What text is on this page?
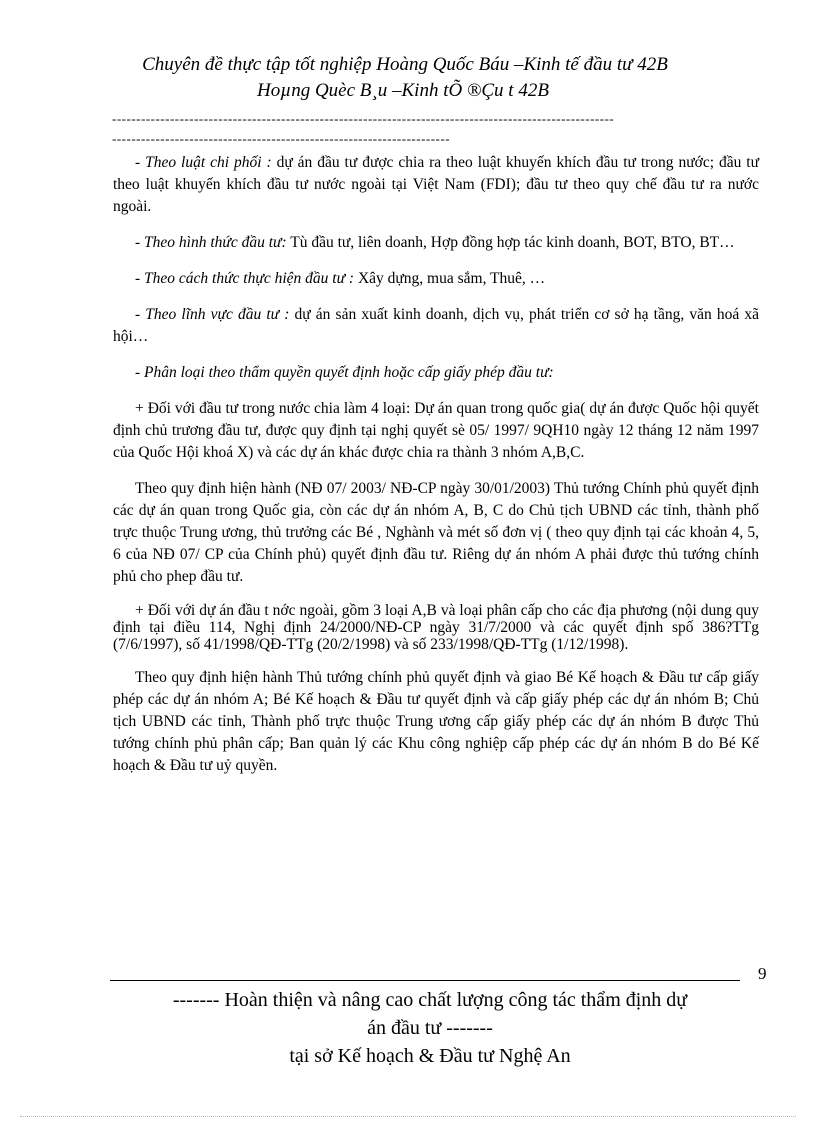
Chuyên đề thực tập tốt nghiệp Hoàng Quốc Báu –Kinh tế đầu tư 42B
Hoµng Quèc B¸u –Kinh tÕ ®Çu t 42B
--------------------------------------------------------------------------------------------------------
----------------------------------------------------------------------

- Theo luật chi phối : dự án đầu tư được chia ra theo luật khuyến khích đầu tư trong nước; đầu tư theo luật khuyến khích đầu tư nước ngoài tại Việt Nam (FDI); đầu tư theo quy chế đầu tư ra nước ngoài.

- Theo hình thức đầu tư: Tù đầu tư, liên doanh, Hợp đồng hợp tác kinh doanh, BOT, BTO, BT…

- Theo cách thức thực hiện đầu tư : Xây dựng, mua sắm, Thuê, …

- Theo lĩnh vực đầu tư : dự án sản xuất kinh doanh, dịch vụ, phát triển cơ sở hạ tầng, văn hoá xã hội…

- Phân loại theo thẩm quyền quyết định hoặc cấp giấy phép đầu tư:

+ Đối với đầu tư trong nước chia làm 4 loại: Dự án quan trong quốc gia( dự án được Quốc hội quyết định chủ trương đầu tư, được quy định tại nghị quyết sè 05/ 1997/ 9QH10 ngày 12 tháng 12 năm 1997 của Quốc Hội khoá X) và các dự án khác được chia ra thành 3 nhóm A,B,C.

Theo quy định hiện hành (NĐ 07/ 2003/ NĐ-CP ngày 30/01/2003) Thủ tướng Chính phủ quyết định các dự án quan trong Quốc gia, còn các dự án nhóm A, B, C do Chủ tịch UBND các tỉnh, thành phố trực thuộc Trung ương, thủ trưởng các Bé , Nghành và mét số đơn vị ( theo quy định tại các khoản 4, 5, 6 của NĐ 07/ CP của Chính phủ) quyết định đầu tư. Riêng dự án nhóm A phải được thủ tướng chính phủ cho phep đầu tư.

+ Đối với dự án đầu t nớc ngoài, gồm 3 loại A,B và loại phân cấp cho các địa phương (nội dung quy định tại điều 114, Nghị định 24/2000/NĐ-CP ngày 31/7/2000 và các quyết định spố 386?TTg (7/6/1997), số 41/1998/QĐ-TTg (20/2/1998) và số 233/1998/QĐ-TTg (1/12/1998).

Theo quy định hiện hành Thủ tướng chính phủ quyết định và giao Bé Kế hoạch & Đầu tư cấp giấy phép các dự án nhóm A; Bé Kế hoạch & Đầu tư quyết định và cấp giấy phép các dự án nhóm B; Chủ tịch UBND các tỉnh, Thành phố trực thuộc Trung ương cấp giấy phép các dự án nhóm B được Thủ tướng chính phủ phân cấp; Ban quản lý các Khu công nghiệp cấp phép các dự án nhóm B do Bé Kế hoạch & Đầu tư uỷ quyền.

9
------- Hoàn thiện và nâng cao chất lượng công tác thẩm định dự
án đầu tư -------
tại sở Kế hoạch & Đầu tư Nghệ An
